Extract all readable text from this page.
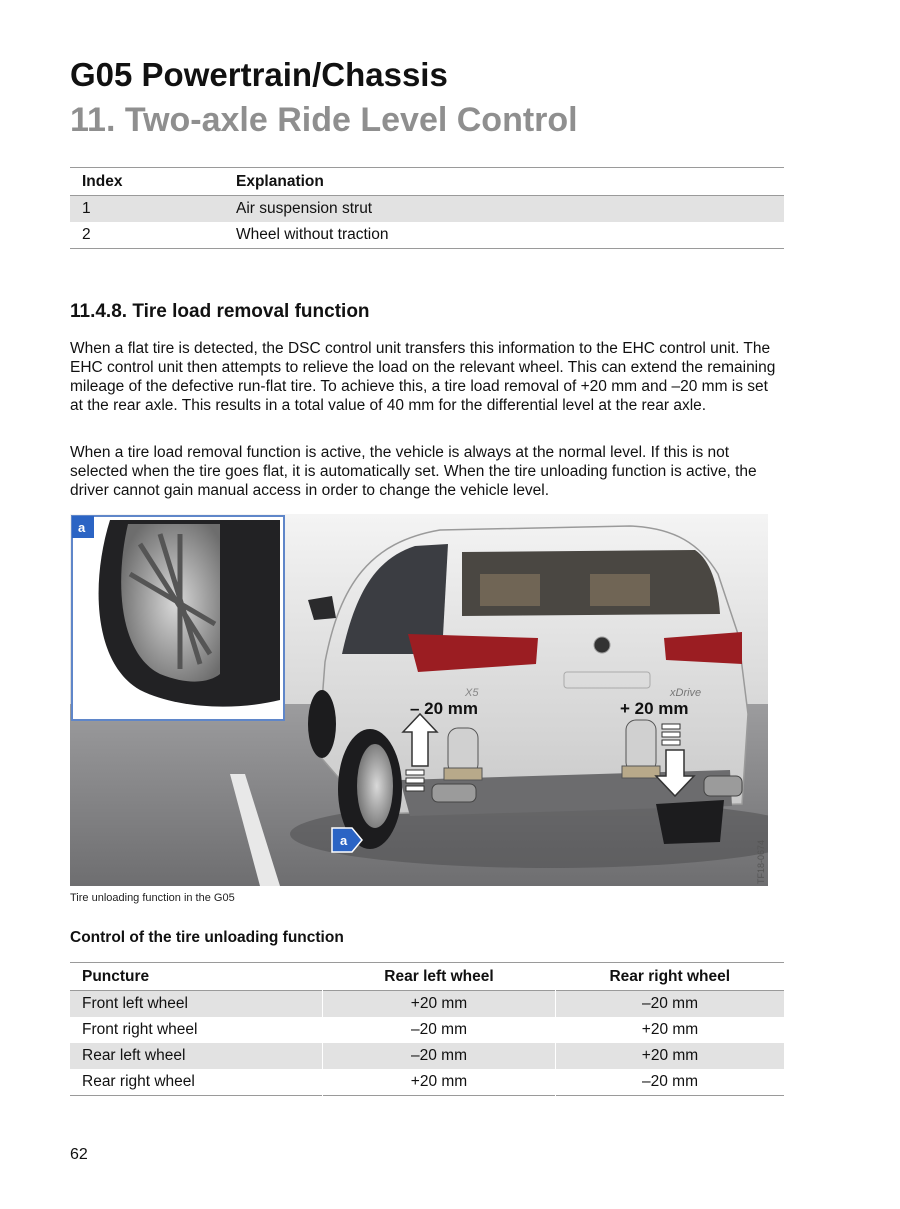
G05 Powertrain/Chassis
11. Two-axle Ride Level Control
Index	Explanation
1	Air suspension strut
2	Wheel without traction
11.4.8. Tire load removal function
When a flat tire is detected, the DSC control unit transfers this information to the EHC control unit. The EHC control unit then attempts to relieve the load on the relevant wheel. This can extend the remaining mileage of the defective run-flat tire. To achieve this, a tire load removal of +20 mm and –20 mm is set at the rear axle. This results in a total value of 40 mm for the differential level at the rear axle.
When a tire load removal function is active, the vehicle is always at the normal level. If this is not selected when the tire goes flat, it is automatically set. When the tire unloading function is active, the driver cannot gain manual access in order to change the vehicle level.
X5	xDrive
– 20 mm	+ 20 mm
a
a
TF18-0674
Tire unloading function in the G05
Control of the tire unloading function
Puncture	Rear left wheel	Rear right wheel
Front left wheel	+20 mm	–20 mm
Front right wheel	–20 mm	+20 mm
Rear left wheel	–20 mm	+20 mm
Rear right wheel	+20 mm	–20 mm
62
